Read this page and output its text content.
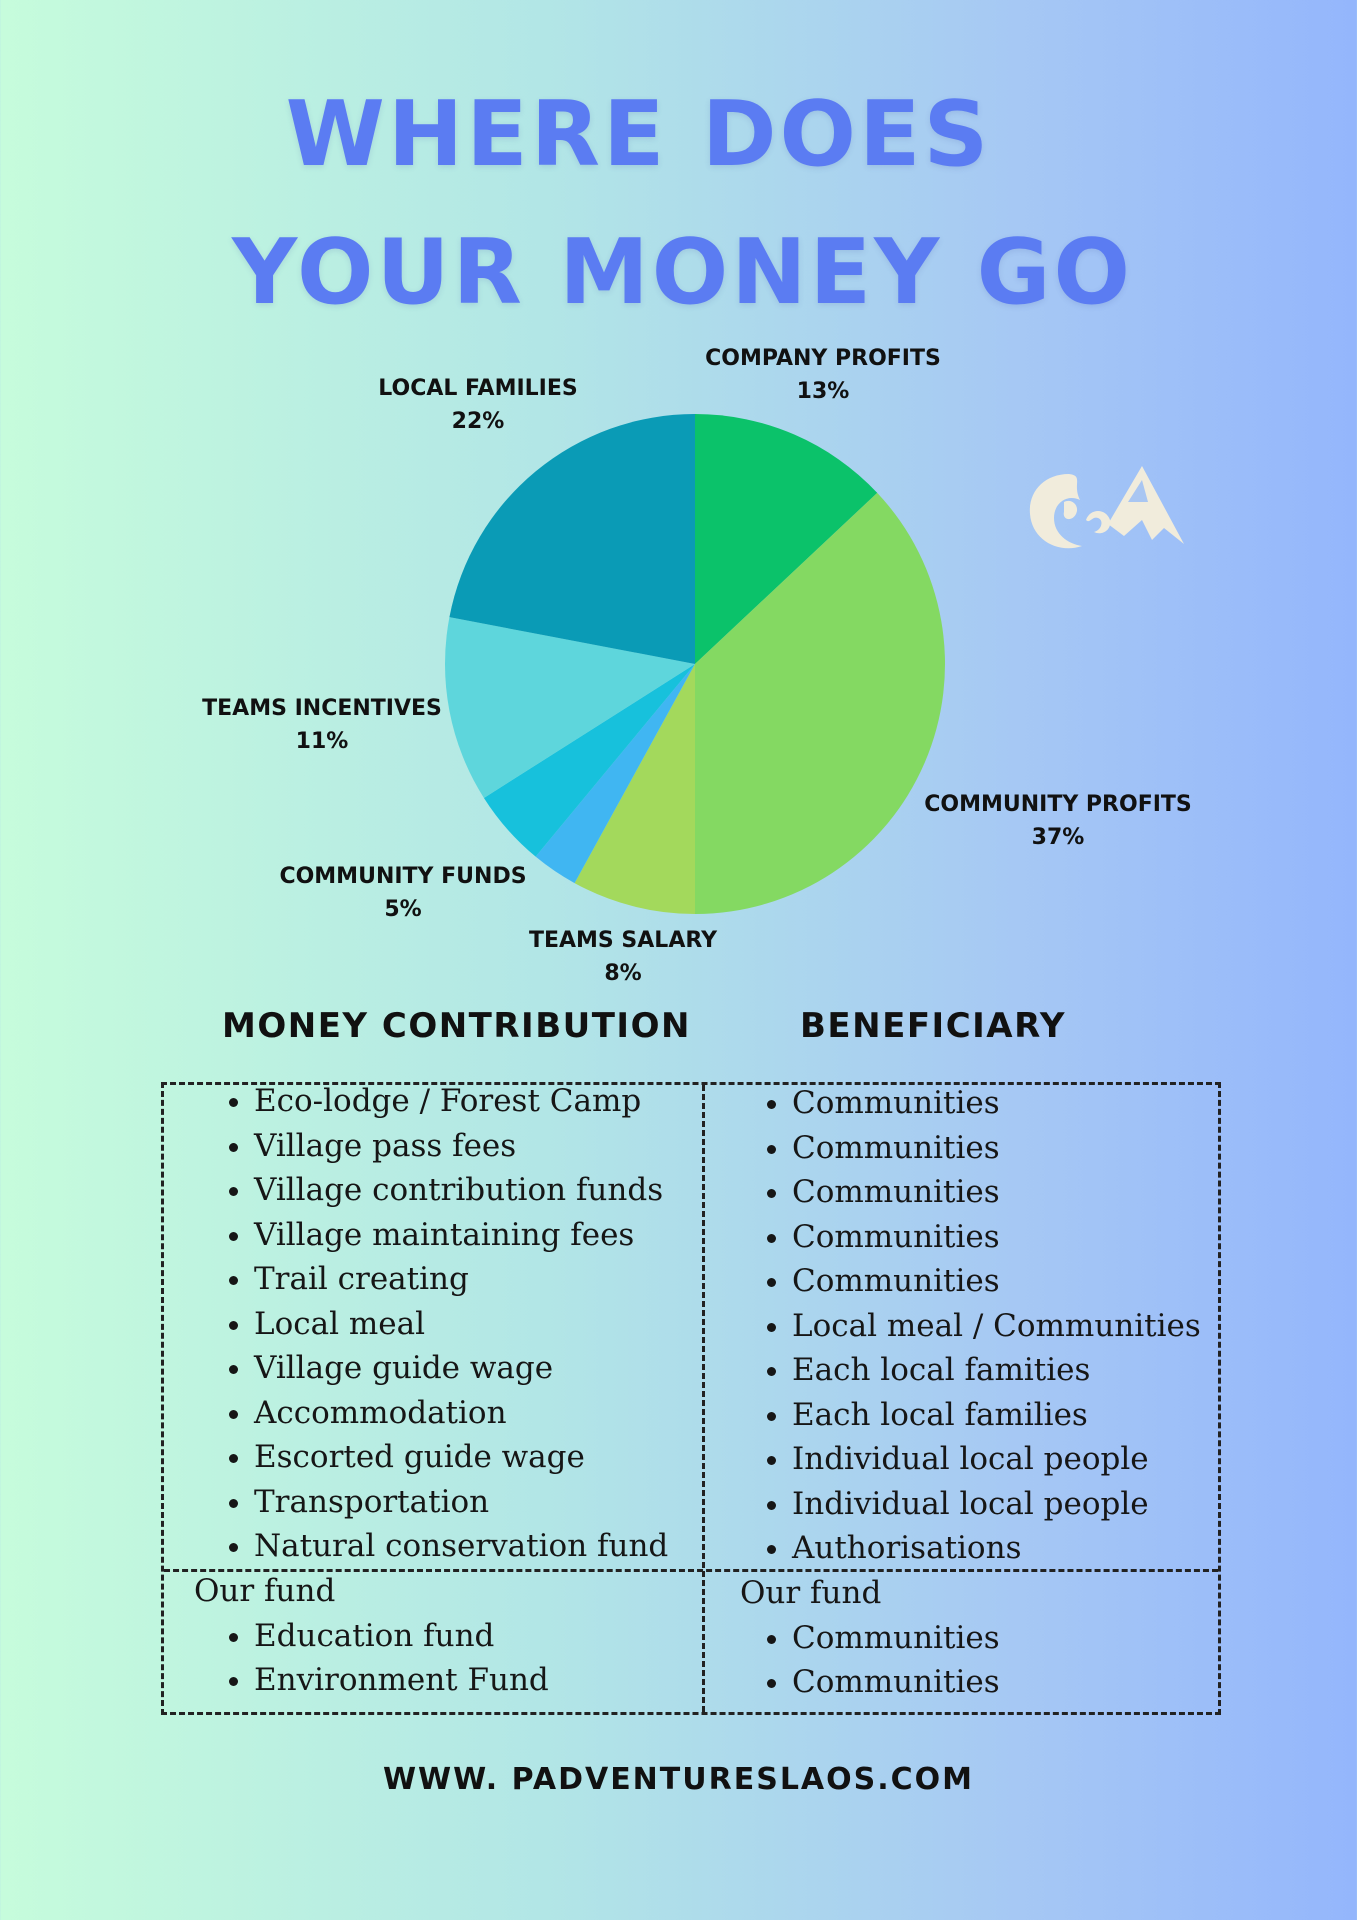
WHERE DOES
YOUR MONEY GO
COMPANY PROFITS
13%
LOCAL FAMILIES
22%
TEAMS INCENTIVES
11%
COMMUNITY PROFITS
37%
COMMUNITY FUNDS
5%
TEAMS SALARY
8%
MONEY CONTRIBUTION	BENEFICIARY
• Eco-lodge / Forest Camp
• Village pass fees
• Village contribution funds
• Village maintaining fees
• Trail creating
• Local meal
• Village guide wage
• Accommodation
• Escorted guide wage
• Transportation
• Natural conservation fund
• Communities
• Communities
• Communities
• Communities
• Communities
• Local meal / Communities
• Each local famities
• Each local families
• Individual local people
• Individual local people
• Authorisations
Our fund
• Education fund
• Environment Fund
Our fund
• Communities
• Communities
WWW. PADVENTURESLAOS.COM
